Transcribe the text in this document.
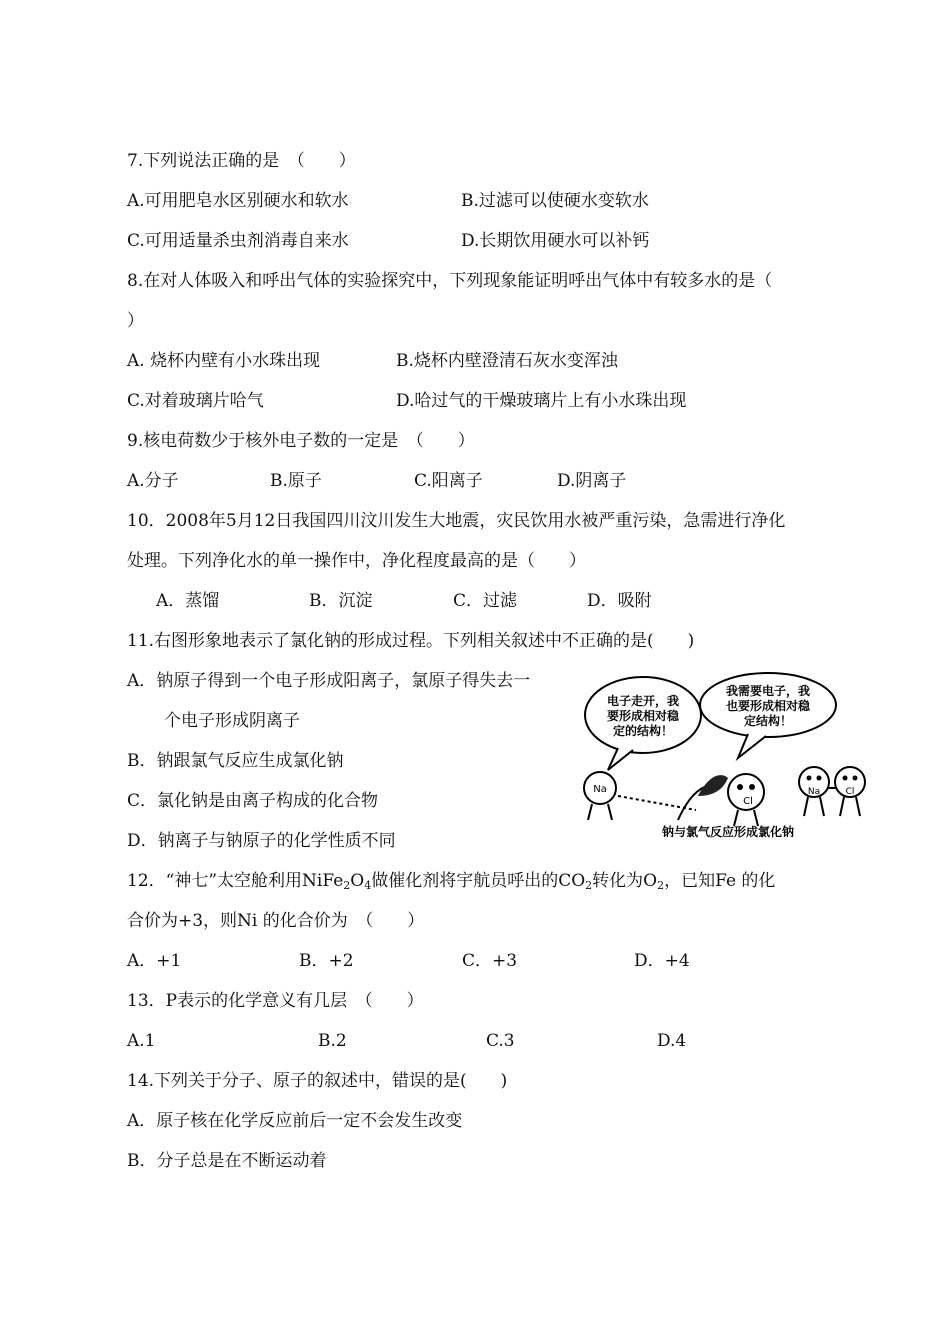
7.下列说法正确的是　（　　）
A.可用肥皂水区别硬水和软水	B.过滤可以使硬水变软水
C.可用适量杀虫剂消毒自来水	D.长期饮用硬水可以补钙
8.在对人体吸入和呼出气体的实验探究中，下列现象能证明呼出气体中有较多水的是（
）
A. 烧杯内壁有小水珠出现	B.烧杯内壁澄清石灰水变浑浊
C.对着玻璃片哈气	D.哈过气的干燥玻璃片上有小水珠出现
9.核电荷数少于核外电子数的一定是　（　　）
A.分子	B.原子	C.阳离子	D.阴离子
10．2008年5月12日我国四川汶川发生大地震，灾民饮用水被严重污染，急需进行净化
处理。下列净化水的单一操作中，净化程度最高的是（　　）
A．蒸馏	B．沉淀	C．过滤	D．吸附
11.右图形象地表示了氯化钠的形成过程。下列相关叙述中不正确的是(　　)
A．钠原子得到一个电子形成阳离子，氯原子得失去一
个电子形成阴离子
B．钠跟氯气反应生成氯化钠
C．氯化钠是由离子构成的化合物
D．钠离子与钠原子的化学性质不同
电子走开，我
要形成相对稳
定的结构！
我需要电子，我
也要形成相对稳
定结构！
Na
Cl
Na	Cl
钠与氯气反应形成氯化钠
12．“神七”太空舱利用$NiFe_2O_4$做催化剂将宇航员呼出的$CO_2$转化为$O_2$，已知Fe 的化
合价为+3，则Ni 的化合价为　（　　）
A．+1	B．+2	C．+3	D．+4
13．P表示的化学意义有几层　（　　）
A.1	B.2	C.3	D.4
14.下列关于分子、原子的叙述中，错误的是(　　)
A．原子核在化学反应前后一定不会发生改变
B．分子总是在不断运动着
